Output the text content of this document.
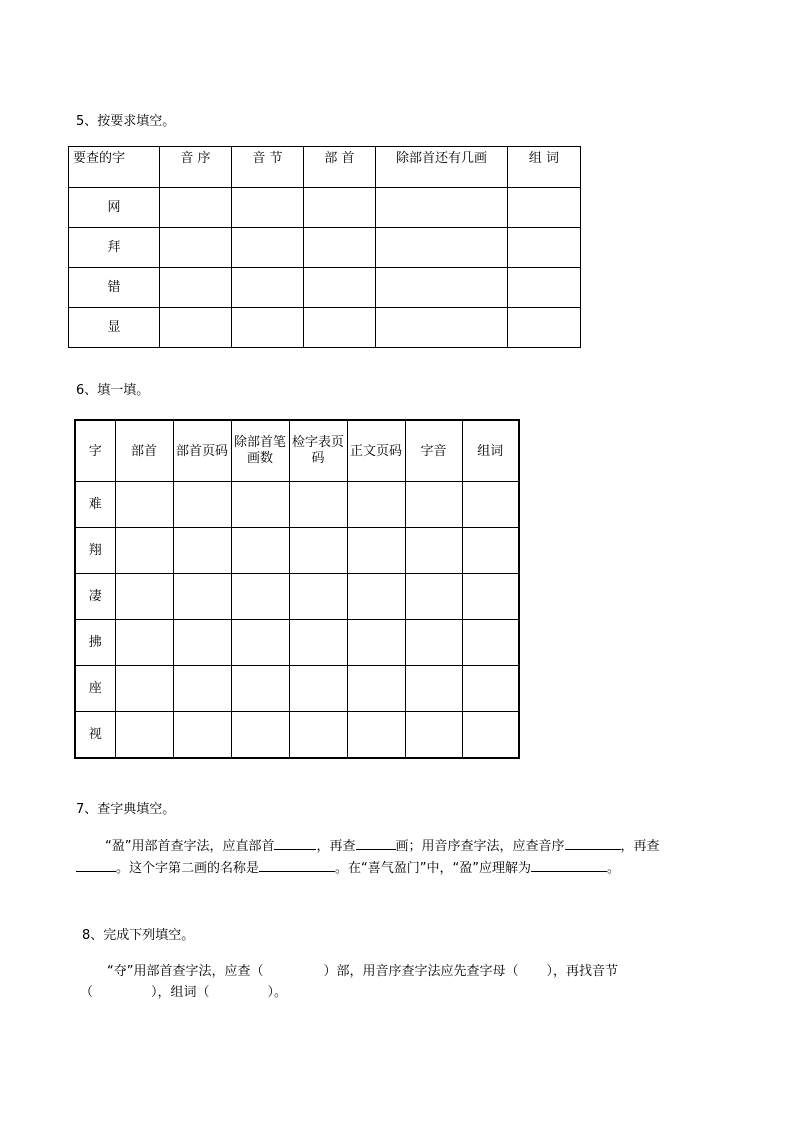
5、按要求填空。
要查的字	音 序	音 节	部 首	除部首还有几画	组 词
网					
拜					
错					
显					
6、填一填。
字	部首	部首页码	除部首笔画数	检字表页码	正文页码	字音	组词
难							
翔							
凄							
拂							
座							
视							
7、查字典填空。
“盈”用部首查字法，应直部首	，再查	画；用音序查字法，应查音序	，再查
。这个字第二画的名称是	。在“喜气盈门”中，“盈”应理解为	。
8、完成下列填空。
“夺”用部首查字法，应查（	）部，用音序查字法应先查字母（ ），再找音节
（	），组词（	）。
